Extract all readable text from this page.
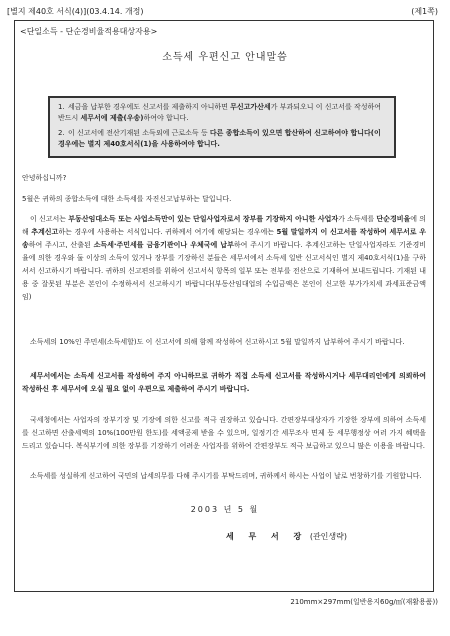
[별지 제40호 서식(4)](03.4.14. 개정)	(제1쪽)
<단일소득 - 단순경비율적용대상자용>
소득세 우편신고 안내말씀

1. 세금을 납부한 경우에도 신고서를 제출하지 아니하면 무신고가산세가 부과되오니 이 신고서를 작성하여 반드시 세무서에 제출(우송)하여야 합니다.

2. 이 신고서에 전산기재된 소득외에 근로소득 등 다른 종합소득이 있으면 합산하여 신고하여야 합니다(이 경우에는 별지 제40호서식(1)을 사용하여야 합니다.

안녕하십니까?
5월은 귀하의 종합소득에 대한 소득세를 자진신고납부하는 달입니다.

이 신고서는 부동산임대소득 또는 사업소득만이 있는 단일사업자로서 장부를 기장하지 아니한 사업자가 소득세를 단순경비율에 의해 추계신고하는 경우에 사용하는 서식입니다. 귀하께서 여기에 해당되는 경우에는 5월 말일까지 이 신고서를 작성하여 세무서로 우송하여 주시고, 산출된 소득세·주민세를 금융기관이나 우체국에 납부하여 주시기 바랍니다. 추계신고하는 단일사업자라도 기준경비율에 의한 경우와 둘 이상의 소득이 있거나 장부를 기장하신 분들은 세무서에서 소득세 일반 신고서식인 별지 제40호서식(1)을 구하셔서 신고하시기 바랍니다. 귀하의 신고편의를 위하여 신고서식 항목의 일부 또는 전부를 전산으로 기재하여 보내드립니다. 기재된 내용 중 잘못된 부분은 본인이 수정하셔서 신고하시기 바랍니다(부동산임대업의 수입금액은 본인이 신고한 부가가치세 과세표준금액임)

소득세의 10%인 주민세(소득세할)도 이 신고서에 의해 함께 작성하여 신고하시고 5월 말일까지 납부하여 주시기 바랍니다.

세무서에서는 소득세 신고서를 작성하여 주지 아니하므로 귀하가 직접 소득세 신고서를 작성하시거나 세무대리인에게 의뢰하여 작성하신 후 세무서에 오실 필요 없이 우편으로 제출하여 주시기 바랍니다.

국세청에서는 사업자의 장부기장 및 기장에 의한 신고를 적극 권장하고 있습니다. 간편장부대상자가 기장한 장부에 의하여 소득세를 신고하면 산출세액의 10%(100만원 한도)를 세액공제 받을 수 있으며, 일정기간 세무조사 면제 등 세무행정상 여러 가지 혜택을 드리고 있습니다. 복식부기에 의한 장부를 기장하기 어려운 사업자를 위하여 간편장부도 적극 보급하고 있으니 많은 이용을 바랍니다.

소득세를 성실하게 신고하여 국민의 납세의무를 다해 주시기를 부탁드리며, 귀하께서 하시는 사업이 날로 번창하기를 기원합니다.

2003 년 5 월
세 무 서 장 (관인생략)
210mm×297mm(일반용지60g/㎡(재활용품))
